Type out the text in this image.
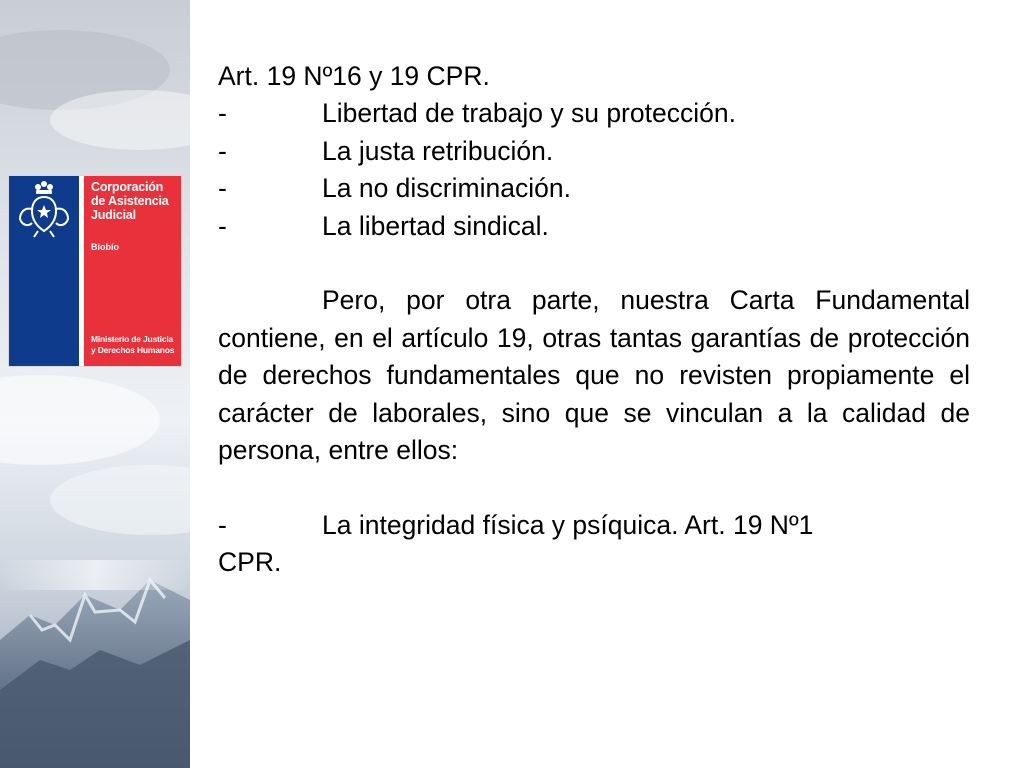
Corporación
de Asistencia
Judicial
Biobío
Ministerio de Justicia
y Derechos Humanos
Art. 19 Nº16 y 19 CPR.
-	Libertad de trabajo y su protección.
-	La justa retribución.
-	La no discriminación.
-	La libertad sindical.

Pero, por otra parte, nuestra Carta Fundamental contiene, en el artículo 19, otras tantas garantías de protección de derechos fundamentales que no revisten propiamente el carácter de laborales, sino que se vinculan a la calidad de persona, entre ellos:

-	La integridad física y psíquica. Art. 19 Nº1
CPR.
